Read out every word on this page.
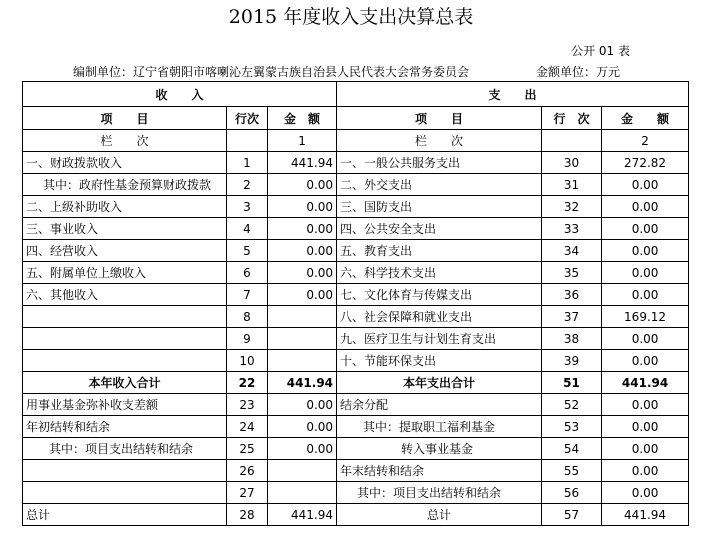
2015 年度收入支出决算总表
公开 01 表
编制单位：辽宁省朝阳市喀喇沁左翼蒙古族自治县人民代表大会常务委员会	金额单位：万元
收　　入			支　　出		
项　　目	行次	金　额	项　　目	行　次	金　　额
栏　　次		1	栏　　次		2
一、财政拨款收入	1	441.94	一、一般公共服务支出	30	272.82
其中：政府性基金预算财政拨款	2	0.00	二、外交支出	31	0.00
二、上级补助收入	3	0.00	三、国防支出	32	0.00
三、事业收入	4	0.00	四、公共安全支出	33	0.00
四、经营收入	5	0.00	五、教育支出	34	0.00
五、附属单位上缴收入	6	0.00	六、科学技术支出	35	0.00
六、其他收入	7	0.00	七、文化体育与传媒支出	36	0.00
	8		八、社会保障和就业支出	37	169.12
	9		九、医疗卫生与计划生育支出	38	0.00
	10		十、节能环保支出	39	0.00
本年收入合计	22	441.94	本年支出合计	51	441.94
用事业基金弥补收支差额	23	0.00	结余分配	52	0.00
年初结转和结余	24	0.00	其中：提取职工福利基金	53	0.00
其中：项目支出结转和结余	25	0.00	转入事业基金	54	0.00
	26		年末结转和结余	55	0.00
	27		其中：项目支出结转和结余	56	0.00
总计	28	441.94	总计	57	441.94
